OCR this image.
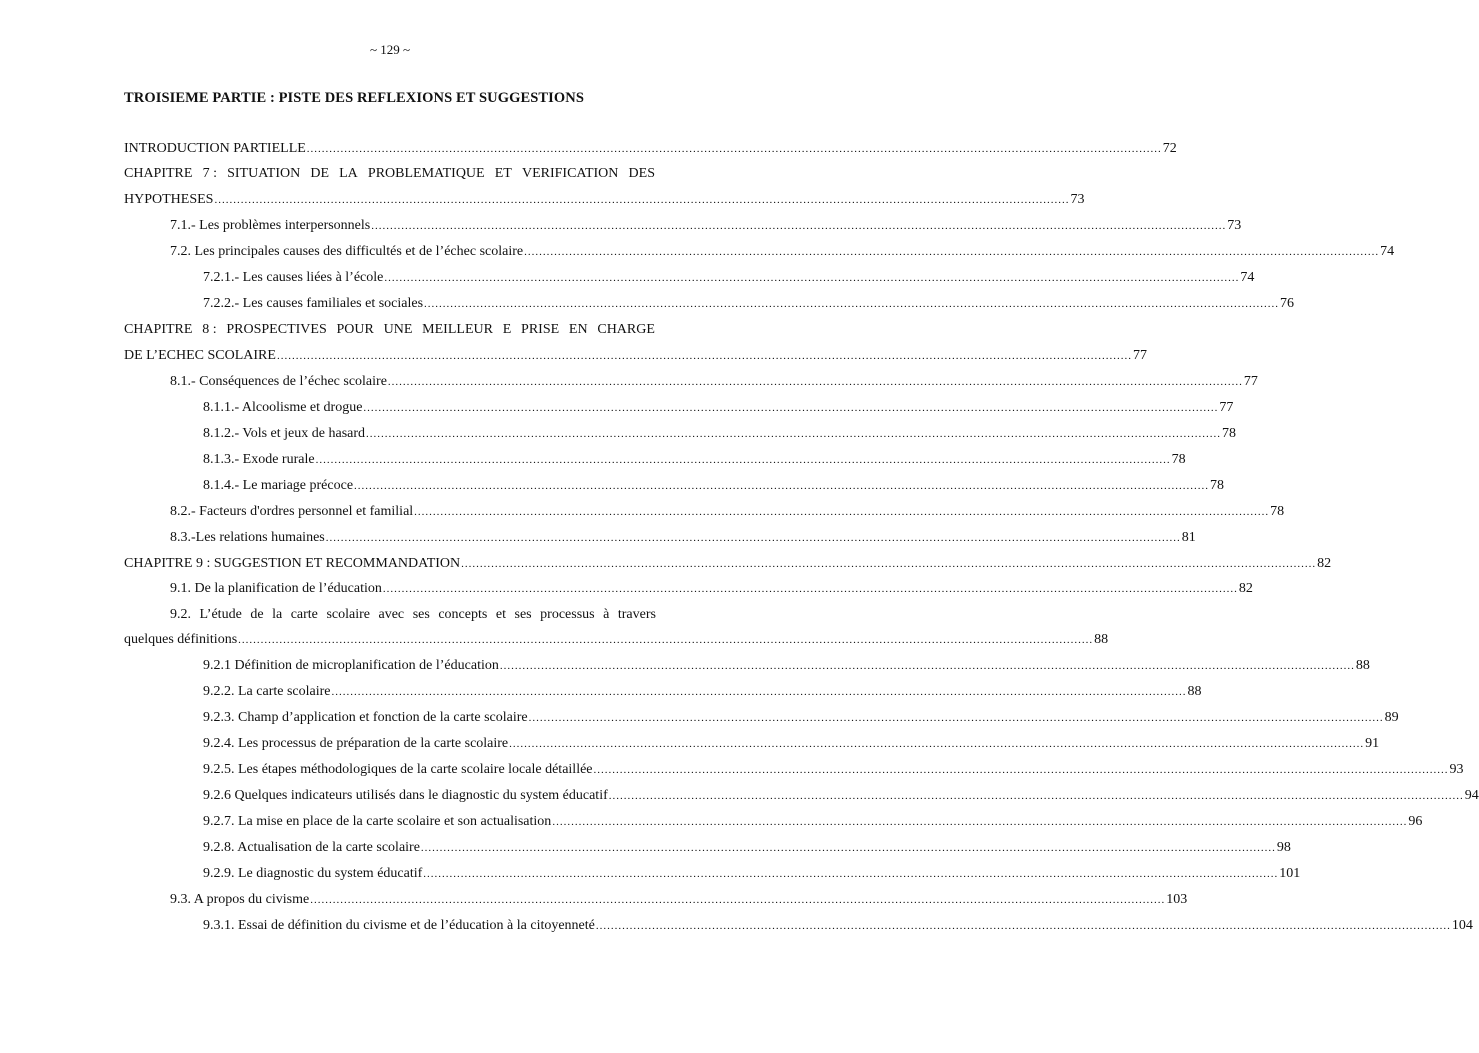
~ 129 ~
TROISIEME PARTIE : PISTE DES REFLEXIONS ET SUGGESTIONS
INTRODUCTION PARTIELLE .................................................................................................................................................................................................................................... 72
CHAPITRE 7 : SITUATION DE LA PROBLEMATIQUE ET VERIFICATION DES
HYPOTHESES .................................................................................................................................................................................................................................... 73
7.1.- Les problèmes interpersonnels .................................................................................................................................................................................................................................... 73
7.2. Les principales causes des difficultés et de l’échec scolaire .................................................................................................................................................................................................................................... 74
7.2.1.- Les causes liées à l’école .................................................................................................................................................................................................................................... 74
7.2.2.- Les causes familiales et sociales .................................................................................................................................................................................................................................... 76
CHAPITRE 8 : PROSPECTIVES POUR UNE MEILLEUR E PRISE EN CHARGE
DE L’ECHEC SCOLAIRE .................................................................................................................................................................................................................................... 77
8.1.- Conséquences de l’échec scolaire .................................................................................................................................................................................................................................... 77
8.1.1.- Alcoolisme et drogue .................................................................................................................................................................................................................................... 77
8.1.2.- Vols et jeux de hasard .................................................................................................................................................................................................................................... 78
8.1.3.- Exode rurale .................................................................................................................................................................................................................................... 78
8.1.4.- Le mariage précoce .................................................................................................................................................................................................................................... 78
8.2.- Facteurs d'ordres personnel et familial .................................................................................................................................................................................................................................... 78
8.3.-Les relations humaines .................................................................................................................................................................................................................................... 81
CHAPITRE 9 : SUGGESTION ET RECOMMANDATION .................................................................................................................................................................................................................................... 82
9.1. De la planification de l’éducation .................................................................................................................................................................................................................................... 82
9.2. L’étude de la carte scolaire avec ses concepts et ses processus à travers
quelques définitions .................................................................................................................................................................................................................................... 88
9.2.1 Définition de microplanification de l’éducation .................................................................................................................................................................................................................................... 88
9.2.2. La carte scolaire .................................................................................................................................................................................................................................... 88
9.2.3. Champ d’application et fonction de la carte scolaire .................................................................................................................................................................................................................................... 89
9.2.4. Les processus de préparation de la carte scolaire .................................................................................................................................................................................................................................... 91
9.2.5. Les étapes méthodologiques de la carte scolaire locale détaillée .................................................................................................................................................................................................................................... 93
9.2.6 Quelques indicateurs utilisés dans le diagnostic du system éducatif .................................................................................................................................................................................................................................... 94
9.2.7. La mise en place de la carte scolaire et son actualisation .................................................................................................................................................................................................................................... 96
9.2.8. Actualisation de la carte scolaire .................................................................................................................................................................................................................................... 98
9.2.9. Le diagnostic du system éducatif .................................................................................................................................................................................................................................... 101
9.3. A propos du civisme .................................................................................................................................................................................................................................... 103
9.3.1. Essai de définition du civisme et de l’éducation à la citoyenneté .................................................................................................................................................................................................................................... 104
